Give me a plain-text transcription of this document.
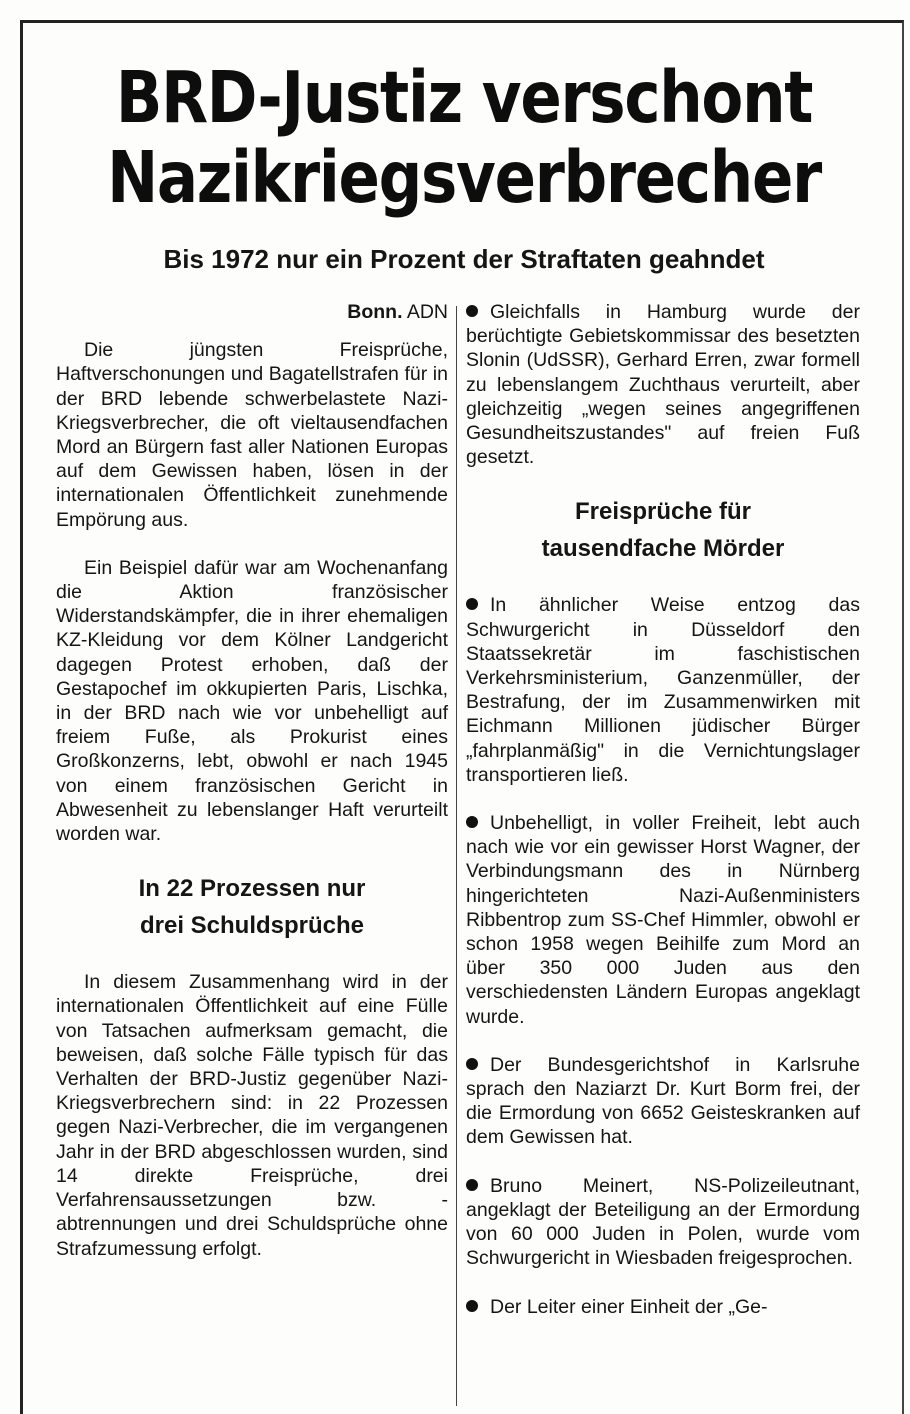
BRD-Justiz verschont
Nazikriegsverbrecher
Bis 1972 nur ein Prozent der Straftaten geahndet
Bonn. ADN

Die jüngsten Freisprüche, Haftverschonungen und Bagatellstrafen für in der BRD lebende schwerbelastete Nazi-Kriegsverbrecher, die oft vieltausendfachen Mord an Bürgern fast aller Nationen Europas auf dem Gewissen haben, lösen in der internationalen Öffentlichkeit zunehmende Empörung aus.

Ein Beispiel dafür war am Wochenanfang die Aktion französischer Widerstandskämpfer, die in ihrer ehemaligen KZ-Kleidung vor dem Kölner Landgericht dagegen Protest erhoben, daß der Gestapochef im okkupierten Paris, Lischka, in der BRD nach wie vor unbehelligt auf freiem Fuße, als Prokurist eines Großkonzerns, lebt, obwohl er nach 1945 von einem französischen Gericht in Abwesenheit zu lebenslanger Haft verurteilt worden war.

In 22 Prozessen nur
drei Schuldsprüche

In diesem Zusammenhang wird in der internationalen Öffentlichkeit auf eine Fülle von Tatsachen aufmerksam gemacht, die beweisen, daß solche Fälle typisch für das Verhalten der BRD-Justiz gegenüber Nazi-Kriegsverbrechern sind: in 22 Prozessen gegen Nazi-Verbrecher, die im vergangenen Jahr in der BRD abgeschlossen wurden, sind 14 direkte Freisprüche, drei Verfahrensaussetzungen bzw. -abtrennungen und drei Schuldsprüche ohne Strafzumessung erfolgt.

Gleichfalls in Hamburg wurde der berüchtigte Gebietskommissar des besetzten Slonin (UdSSR), Gerhard Erren, zwar formell zu lebenslangem Zuchthaus verurteilt, aber gleichzeitig „wegen seines angegriffenen Gesundheitszustandes" auf freien Fuß gesetzt.

Freisprüche für
tausendfache Mörder

In ähnlicher Weise entzog das Schwurgericht in Düsseldorf den Staatssekretär im faschistischen Verkehrsministerium, Ganzenmüller, der Bestrafung, der im Zusammenwirken mit Eichmann Millionen jüdischer Bürger „fahrplanmäßig" in die Vernichtungslager transportieren ließ.

Unbehelligt, in voller Freiheit, lebt auch nach wie vor ein gewisser Horst Wagner, der Verbindungsmann des in Nürnberg hingerichteten Nazi-Außenministers Ribbentrop zum SS-Chef Himmler, obwohl er schon 1958 wegen Beihilfe zum Mord an über 350 000 Juden aus den verschiedensten Ländern Europas angeklagt wurde.

Der Bundesgerichtshof in Karlsruhe sprach den Naziarzt Dr. Kurt Borm frei, der die Ermordung von 6652 Geisteskranken auf dem Gewissen hat.

Bruno Meinert, NS-Polizeileutnant, angeklagt der Beteiligung an der Ermordung von 60 000 Juden in Polen, wurde vom Schwurgericht in Wiesbaden freigesprochen.

Der Leiter einer Einheit der „Ge-
